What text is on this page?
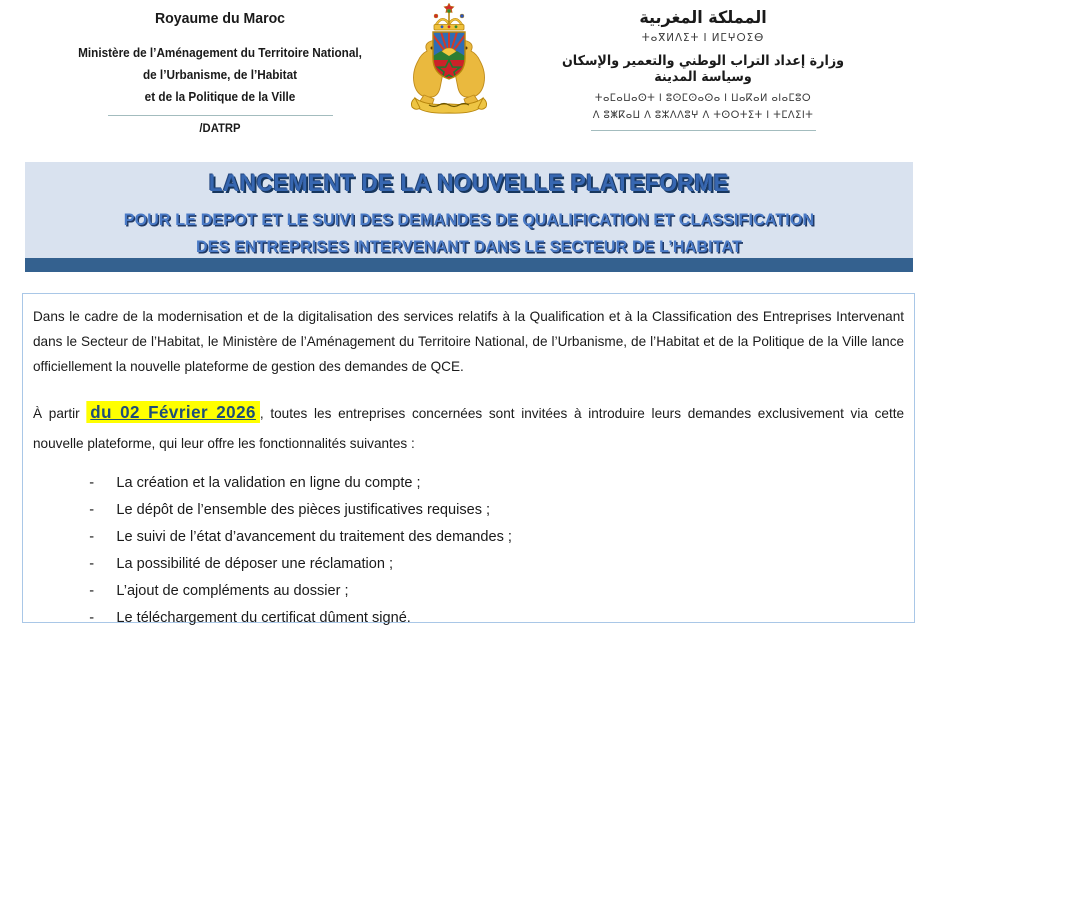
Royaume du Maroc
Ministère de l’Aménagement du Territoire National,
de l’Urbanisme, de l’Habitat
et de la Politique de la Ville
/DATRP
المملكة المغربية
ⵜⴰⴳⵍⴷⵉⵜ ⵏ ⵍⵎⵖⵔⵉⴱ
وزارة إعداد التراب الوطني والتعمير والإسكان وسياسة المدينة
ⵜⴰⵎⴰⵡⴰⵙⵜ ⵏ ⵓⵙⵎⵙⴰⵙⴰ ⵏ ⵡⴰⴽⴰⵍ ⴰⵏⴰⵎⵓⵔ
ⴷ ⵓⵥⴽⴰⵡ ⴷ ⵓⵣⴷⴷⵓⵖ ⴷ ⵜⵙⵔⵜⵉⵜ ⵏ ⵜⵎⴷⵉⵏⵜ
LANCEMENT DE LA NOUVELLE PLATEFORME
POUR LE DEPOT ET LE SUIVI DES DEMANDES DE QUALIFICATION ET CLASSIFICATION
DES ENTREPRISES INTERVENANT DANS LE SECTEUR DE L’HABITAT

Dans le cadre de la modernisation et de la digitalisation des services relatifs à la Qualification et à la Classification des Entreprises Intervenant dans le Secteur de l’Habitat, le Ministère de l’Aménagement du Territoire National, de l’Urbanisme, de l’Habitat et de la Politique de la Ville lance officiellement la nouvelle plateforme de gestion des demandes de QCE.

À partir du 02 Février 2026 , toutes les entreprises concernées sont invitées à introduire leurs demandes exclusivement via cette nouvelle plateforme, qui leur offre les fonctionnalités suivantes :

-	La création et la validation en ligne du compte ;
-	Le dépôt de l’ensemble des pièces justificatives requises ;
-	Le suivi de l’état d’avancement du traitement des demandes ;
-	La possibilité de déposer une réclamation ;
-	L’ajout de compléments au dossier ;
-	Le téléchargement du certificat dûment signé.
